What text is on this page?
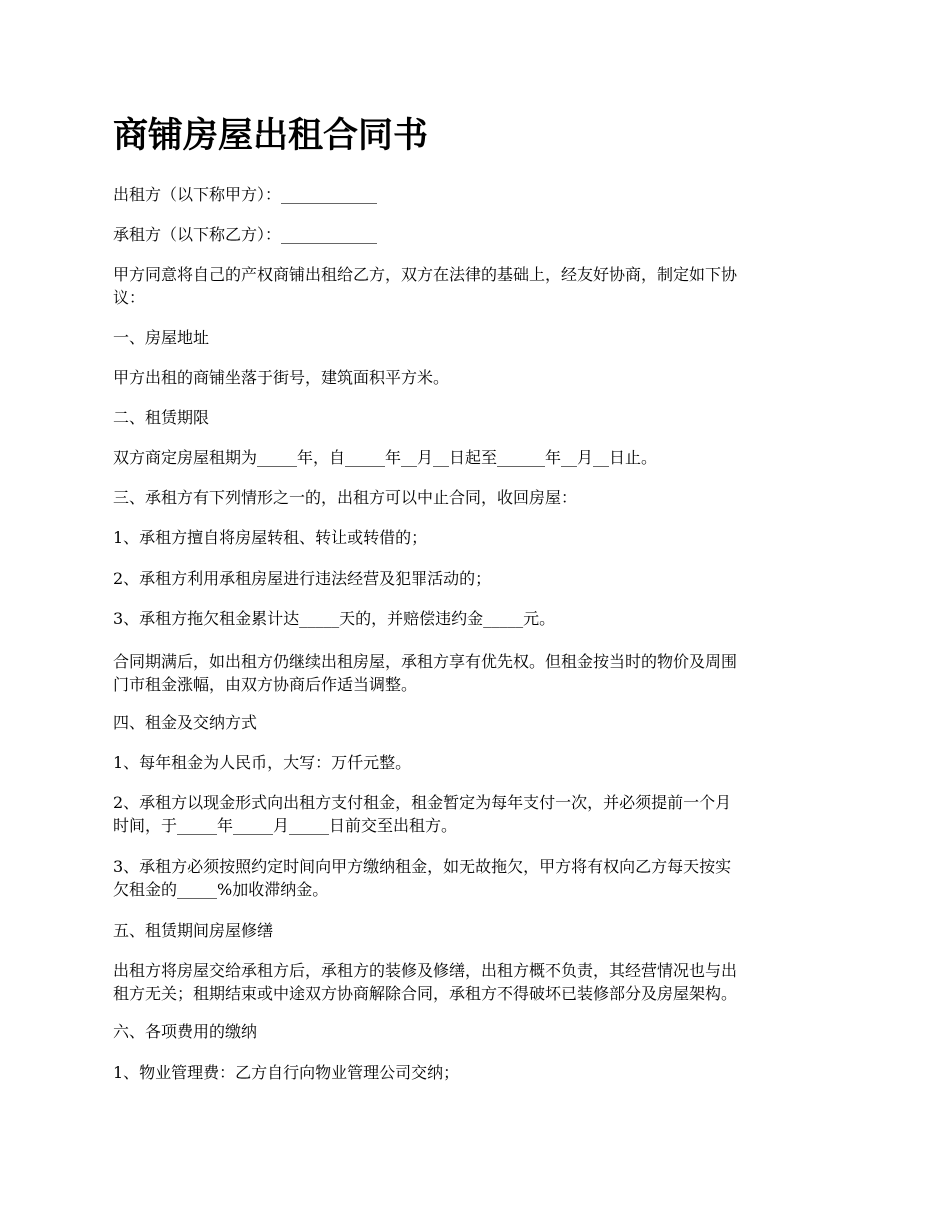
商铺房屋出租合同书

出租方（以下称甲方）：____________

承租方（以下称乙方）：____________

甲方同意将自己的产权商铺出租给乙方，双方在法律的基础上，经友好协商，制定如下协
议：

一、房屋地址

甲方出租的商铺坐落于街号，建筑面积平方米。

二、租赁期限

双方商定房屋租期为_____年，自_____年__月__日起至______年__月__日止。

三、承租方有下列情形之一的，出租方可以中止合同，收回房屋：

1、承租方擅自将房屋转租、转让或转借的；

2、承租方利用承租房屋进行违法经营及犯罪活动的；

3、承租方拖欠租金累计达_____天的，并赔偿违约金_____元。

合同期满后，如出租方仍继续出租房屋，承租方享有优先权。但租金按当时的物价及周围
门市租金涨幅，由双方协商后作适当调整。

四、租金及交纳方式

1、每年租金为人民币，大写：万仟元整。

2、承租方以现金形式向出租方支付租金，租金暂定为每年支付一次，并必须提前一个月
时间，于_____年_____月_____日前交至出租方。

3、承租方必须按照约定时间向甲方缴纳租金，如无故拖欠，甲方将有权向乙方每天按实
欠租金的_____%加收滞纳金。

五、租赁期间房屋修缮

出租方将房屋交给承租方后，承租方的装修及修缮，出租方概不负责，其经营情况也与出
租方无关；租期结束或中途双方协商解除合同，承租方不得破坏已装修部分及房屋架构。

六、各项费用的缴纳

1、物业管理费：乙方自行向物业管理公司交纳；
